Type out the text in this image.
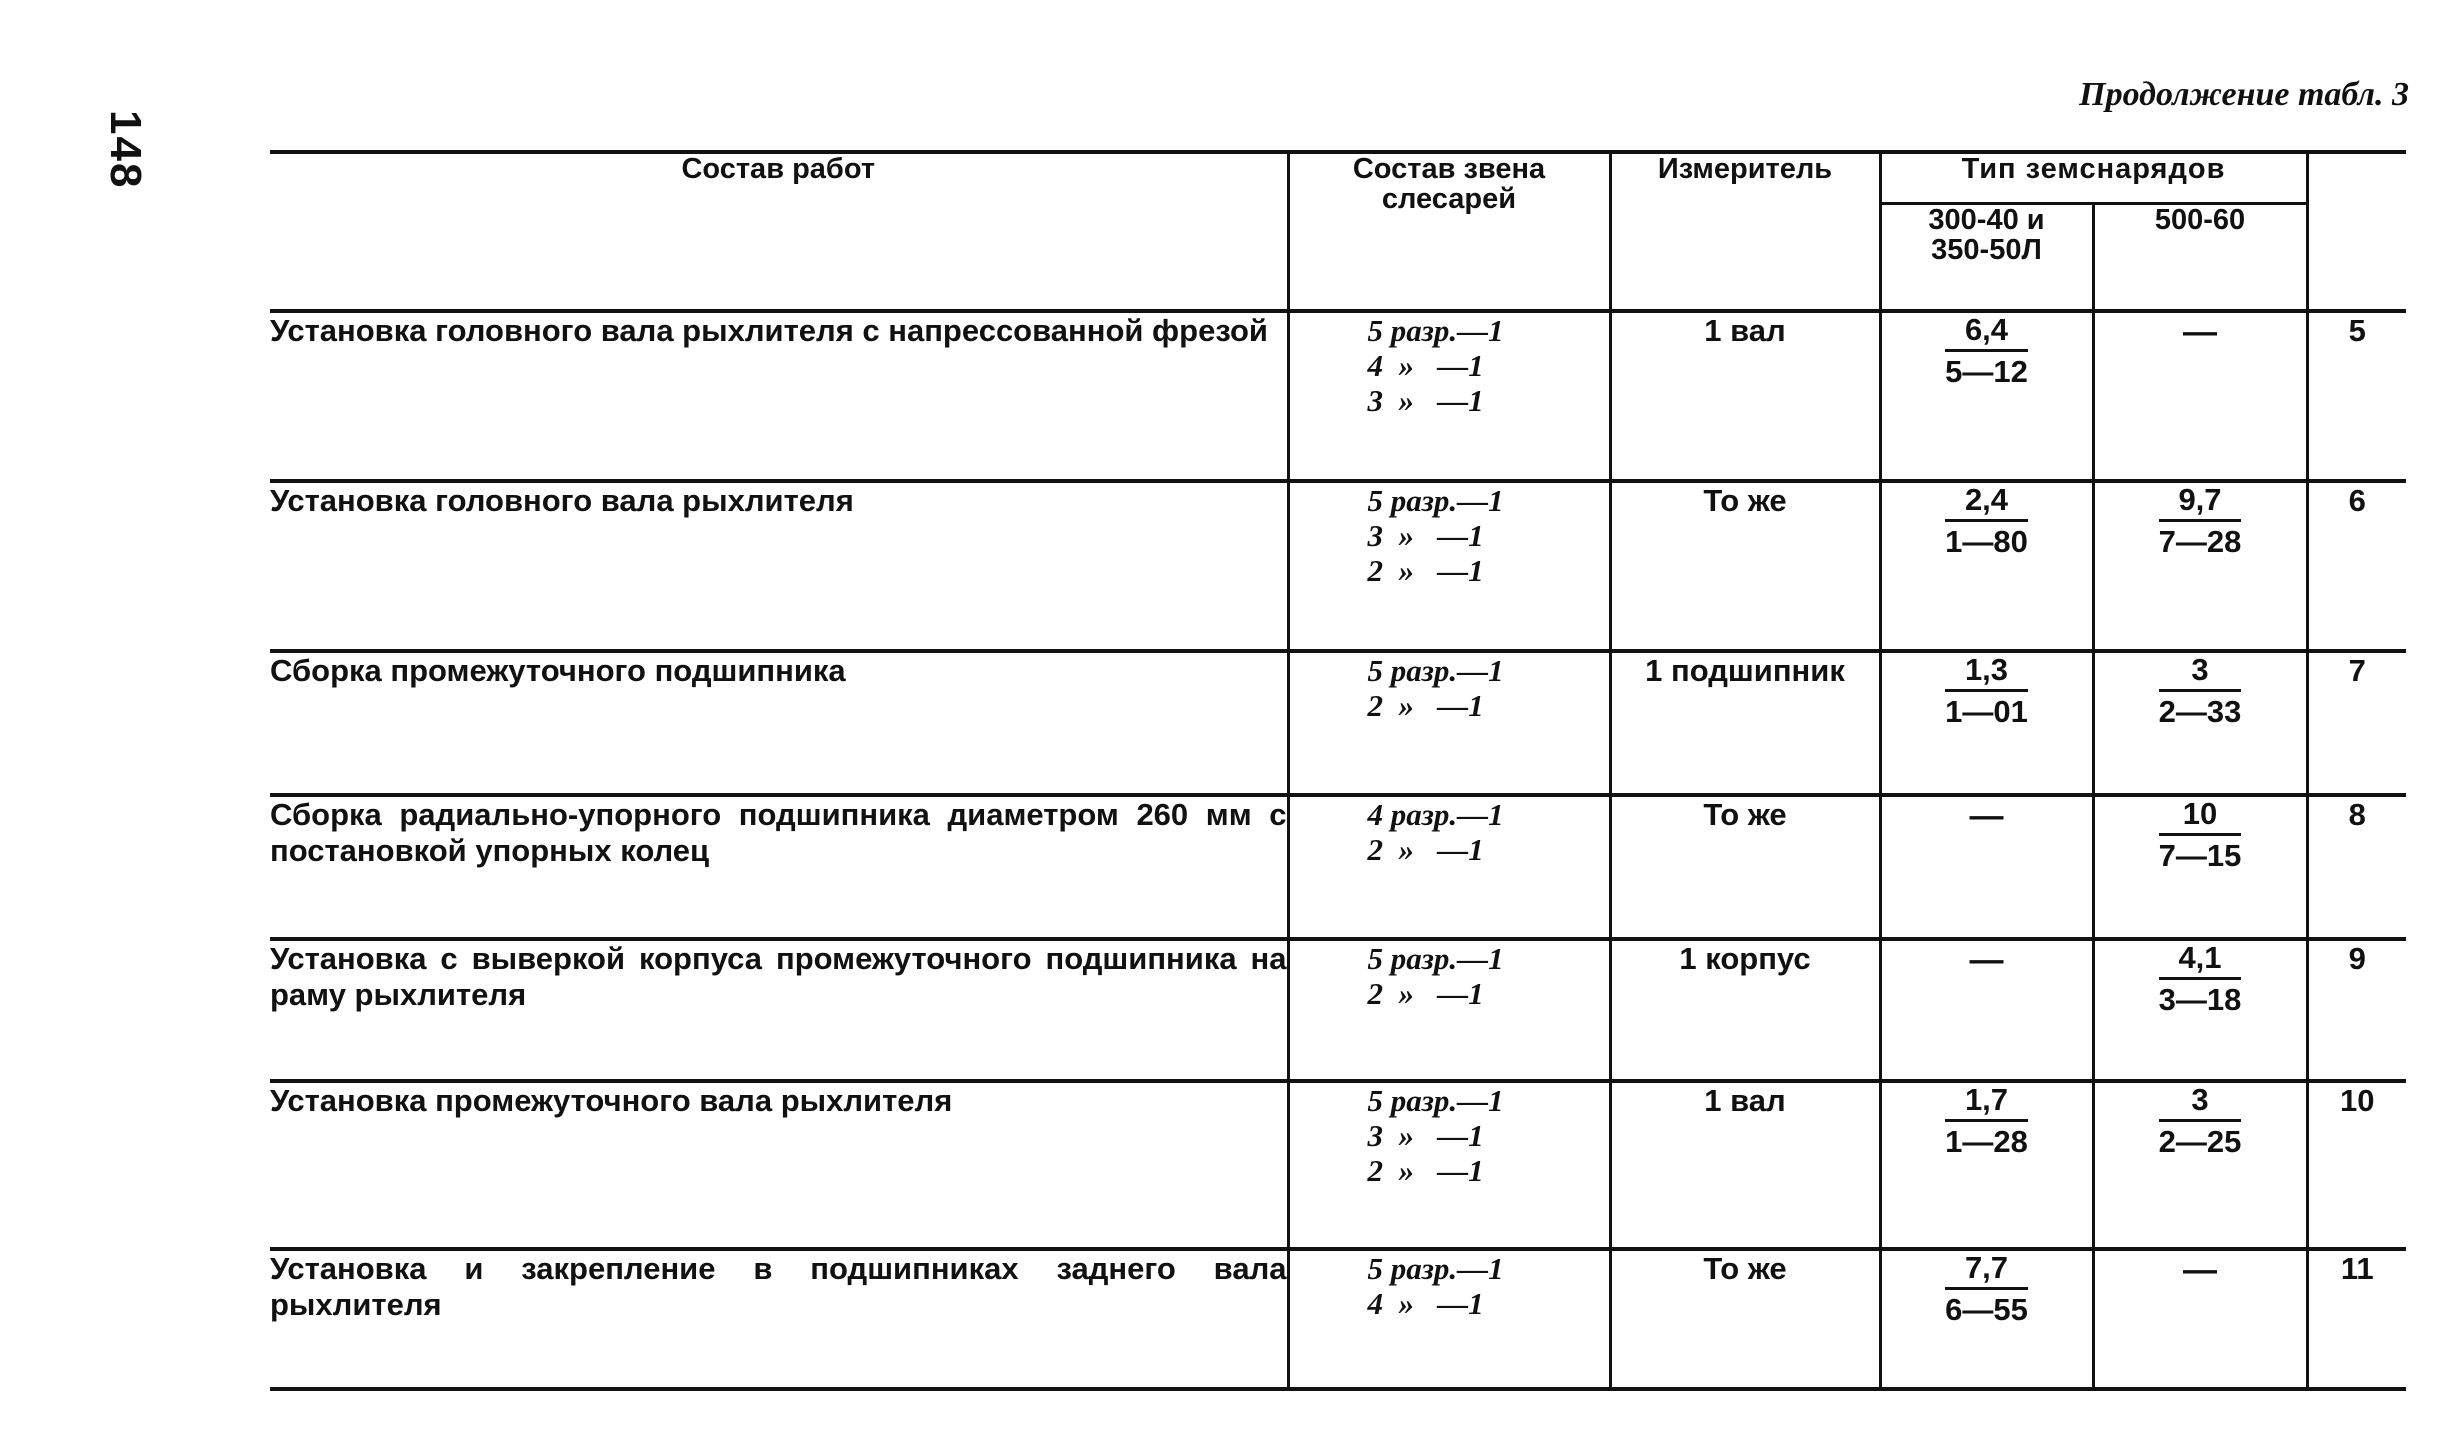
148
Продолжение табл. 3
Состав работ	Состав звена слесарей	Измеритель	Тип земснарядов		
			300-40 и 350-50Л	500-60	
Установка головного вала рыхлителя с напрессованной фрезой	5 разр.—1
4  »   —1
3  »   —1	1 вал	$\frac{6,4}{5—12}$	—	5
Установка головного вала рыхлителя	5 разр.—1
3  »   —1
2  »   —1	То же	$\frac{2,4}{1—80}$	$\frac{9,7}{7—28}$	6
Сборка промежуточного подшипника	5 разр.—1
2  »   —1	1 подшипник	$\frac{1,3}{1—01}$	$\frac{3}{2—33}$	7
Сборка радиально-упорного подшипника диаметром 260 мм с постановкой упорных колец	4 разр.—1
2  »   —1	То же	—	$\frac{10}{7—15}$	8
Установка с выверкой корпуса промежуточного подшипника на раму рыхлителя	5 разр.—1
2  »   —1	1 корпус	—	$\frac{4,1}{3—18}$	9
Установка промежуточного вала рыхлителя	5 разр.—1
3  »   —1
2  »   —1	1 вал	$\frac{1,7}{1—28}$	$\frac{3}{2—25}$	10
Установка и закрепление в подшипниках заднего вала рыхлителя	5 разр.—1
4  »   —1	То же	$\frac{7,7}{6—55}$	—	11
